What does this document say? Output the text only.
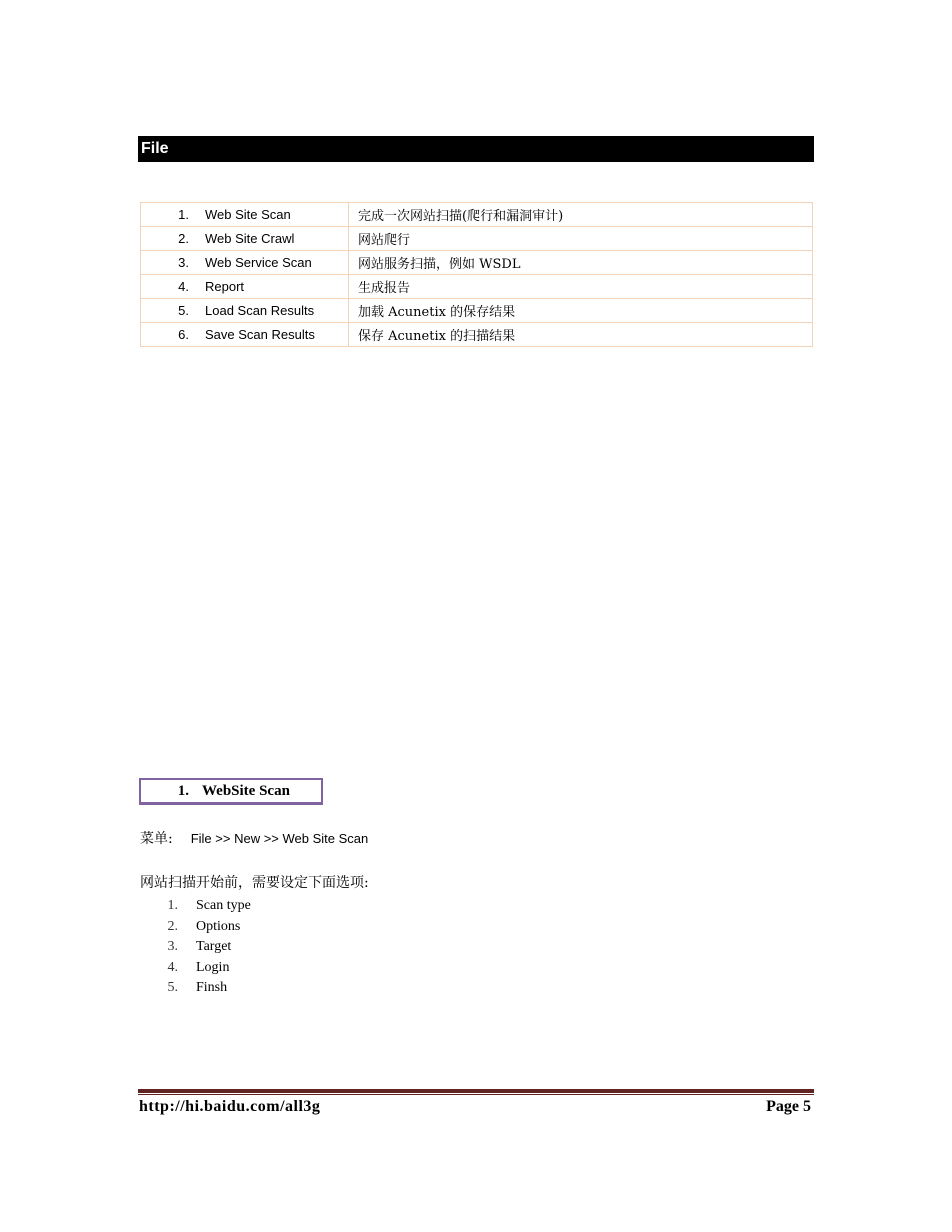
File
1. Web Site Scan	完成一次网站扫描(爬行和漏洞审计)
2. Web Site Crawl	网站爬行
3. Web Service Scan	网站服务扫描，例如 WSDL
4. Report	生成报告
5. Load Scan Results	加载 Acunetix 的保存结果
6. Save Scan Results	保存 Acunetix 的扫描结果
1. WebSite Scan
菜单: File >> New >> Web Site Scan
网站扫描开始前，需要设定下面选项:
1. Scan type
2. Options
3. Target
4. Login
5. Finsh
http://hi.baidu.com/all3g	Page 5
